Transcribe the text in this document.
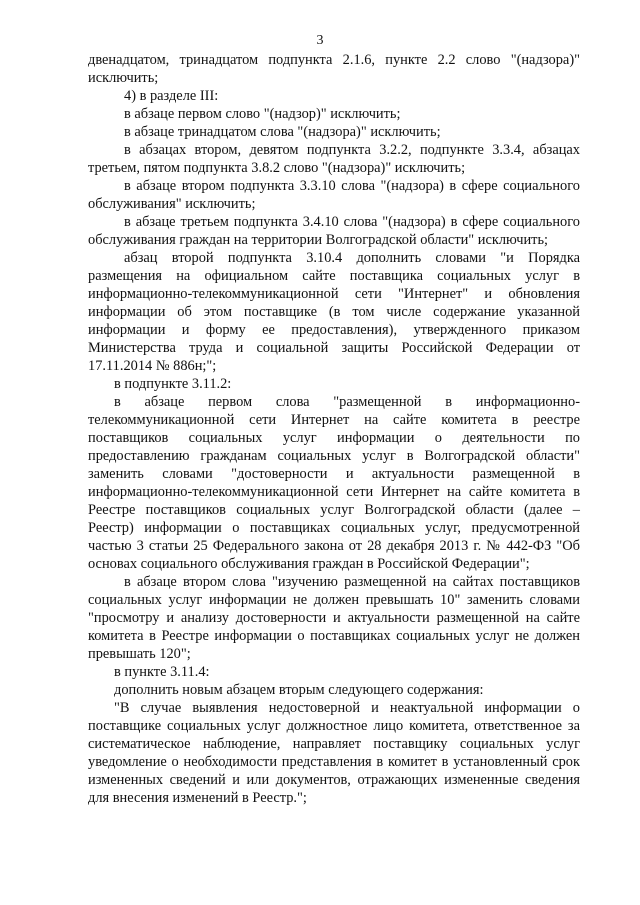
3

двенадцатом, тринадцатом подпункта 2.1.6, пункте 2.2 слово "(надзора)" исключить;

4) в разделе III:

в абзаце первом слово "(надзор)" исключить;

в абзаце тринадцатом слова "(надзора)" исключить;

в абзацах втором, девятом подпункта 3.2.2, подпункте 3.3.4, абзацах третьем, пятом подпункта 3.8.2 слово "(надзора)" исключить;

в абзаце втором подпункта 3.3.10 слова "(надзора) в сфере социального обслуживания" исключить;

в абзаце третьем подпункта 3.4.10 слова "(надзора) в сфере социального обслуживания граждан на территории Волгоградской области" исключить;

абзац второй подпункта 3.10.4 дополнить словами "и Порядка размещения на официальном сайте поставщика социальных услуг в информационно-телекоммуникационной сети "Интернет" и обновления информации об этом поставщике (в том числе содержание указанной информации и форму ее предоставления), утвержденного приказом Министерства труда и социальной защиты Российской Федерации от 17.11.2014 № 886н;";

в подпункте 3.11.2:

в абзаце первом слова "размещенной в информационно-телекоммуникационной сети Интернет на сайте комитета в реестре поставщиков социальных услуг информации о деятельности по предоставлению гражданам социальных услуг в Волгоградской области" заменить словами "достоверности и актуальности размещенной в информационно-телекоммуникационной сети Интернет на сайте комитета в Реестре поставщиков социальных услуг Волгоградской области (далее – Реестр) информации о поставщиках социальных услуг, предусмотренной частью 3 статьи 25 Федерального закона от 28 декабря 2013 г. № 442-ФЗ "Об основах социального обслуживания граждан в Российской Федерации";

в абзаце втором слова "изучению размещенной на сайтах поставщиков социальных услуг информации не должен превышать 10" заменить словами "просмотру и анализу достоверности и актуальности размещенной на сайте комитета в Реестре информации о поставщиках социальных услуг не должен превышать 120";

в пункте 3.11.4:

дополнить новым абзацем вторым следующего содержания:

"В случае выявления недостоверной и неактуальной информации о поставщике социальных услуг должностное лицо комитета, ответственное за систематическое наблюдение, направляет поставщику социальных услуг уведомление о необходимости представления в комитет в установленный срок измененных сведений и или документов, отражающих измененные сведения для внесения изменений в Реестр.";
